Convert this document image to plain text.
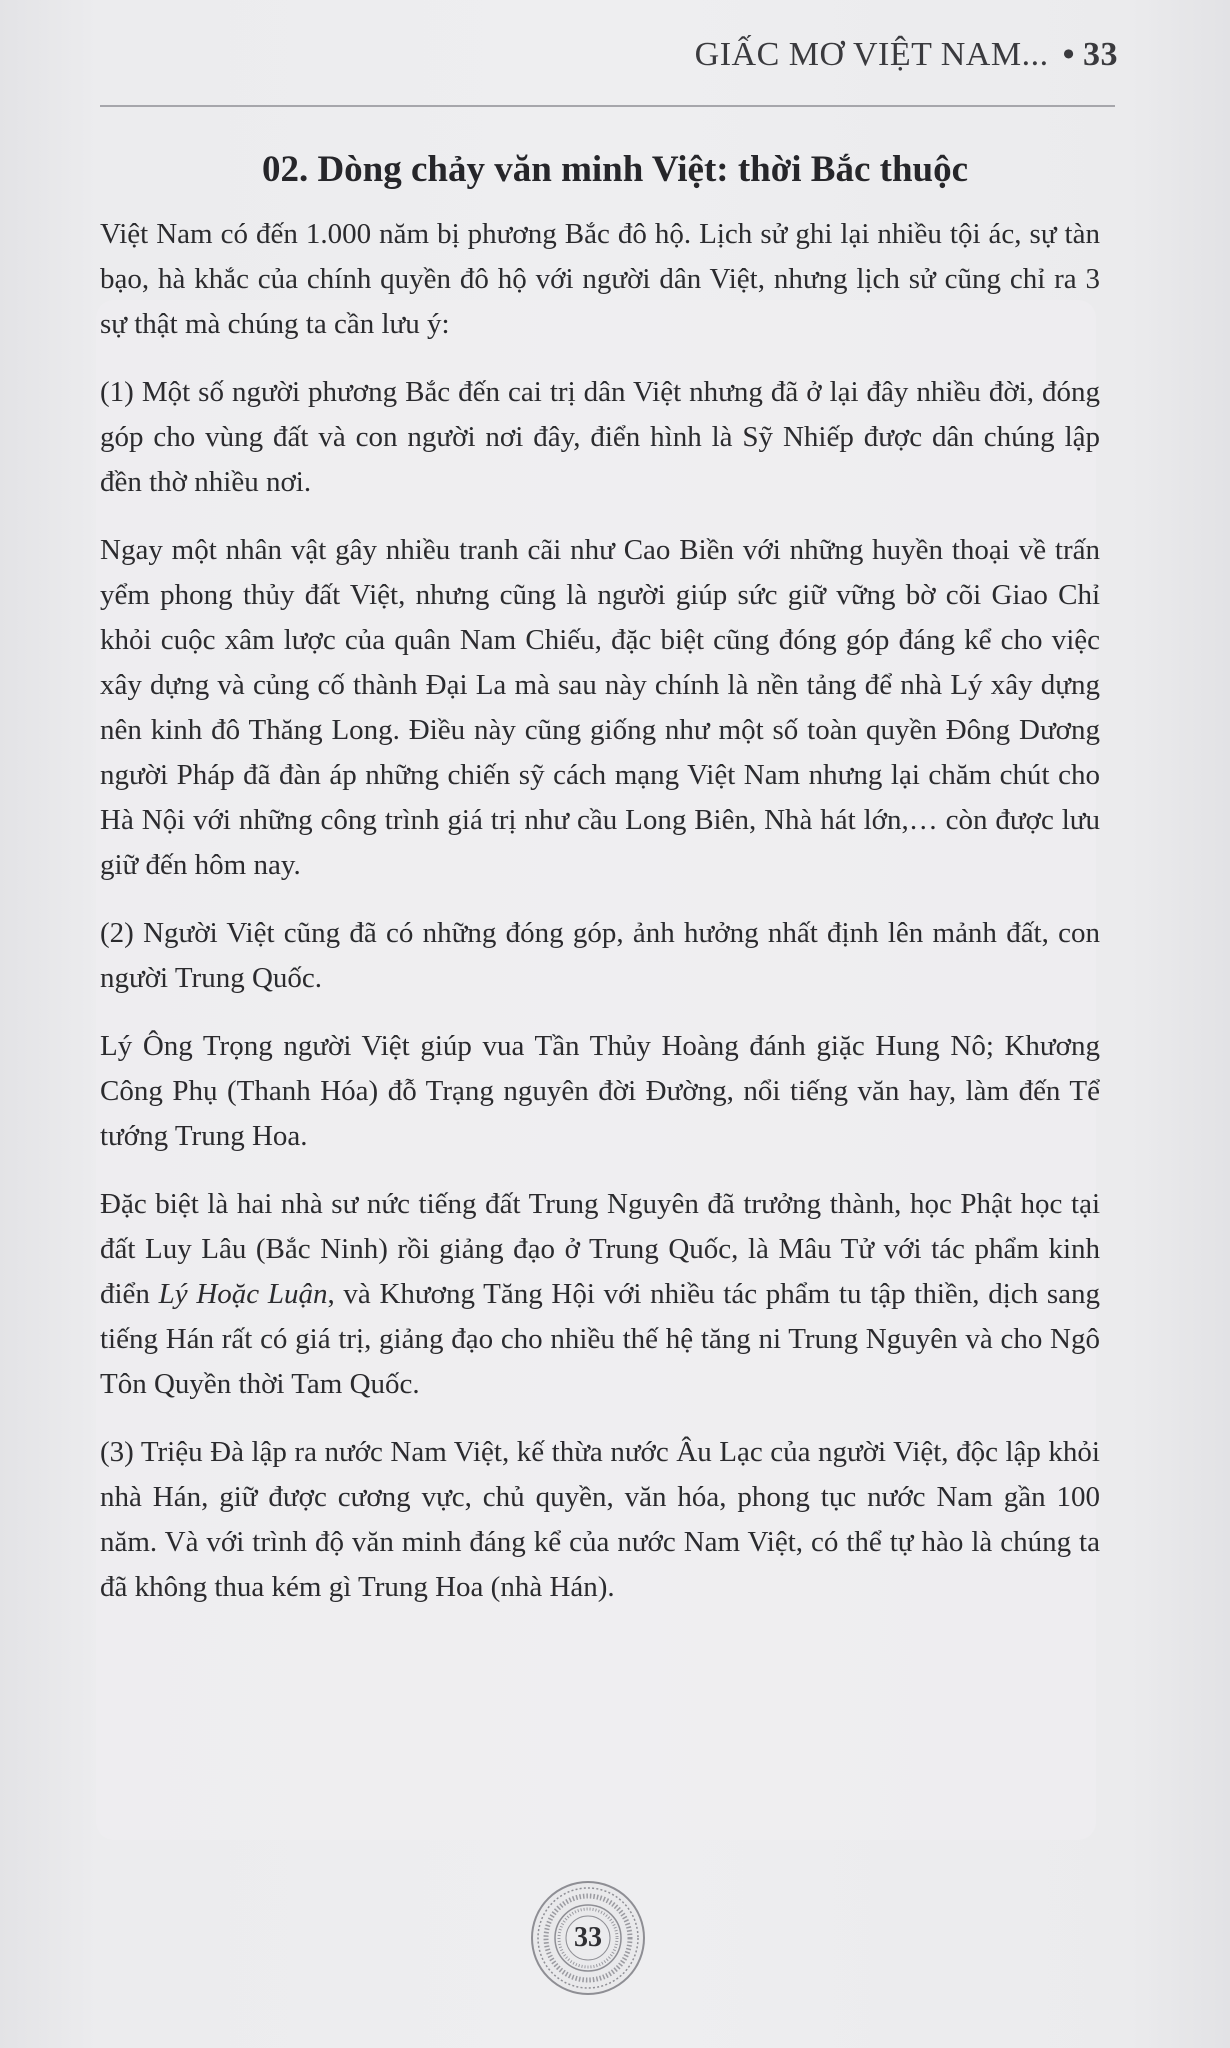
GIẤC MƠ VIỆT NAM... • 33
02. Dòng chảy văn minh Việt: thời Bắc thuộc

Việt Nam có đến 1.000 năm bị phương Bắc đô hộ. Lịch sử ghi lại nhiều tội ác, sự tàn bạo, hà khắc của chính quyền đô hộ với người dân Việt, nhưng lịch sử cũng chỉ ra 3 sự thật mà chúng ta cần lưu ý:

(1) Một số người phương Bắc đến cai trị dân Việt nhưng đã ở lại đây nhiều đời, đóng góp cho vùng đất và con người nơi đây, điển hình là Sỹ Nhiếp được dân chúng lập đền thờ nhiều nơi.

Ngay một nhân vật gây nhiều tranh cãi như Cao Biền với những huyền thoại về trấn yểm phong thủy đất Việt, nhưng cũng là người giúp sức giữ vững bờ cõi Giao Chỉ khỏi cuộc xâm lược của quân Nam Chiếu, đặc biệt cũng đóng góp đáng kể cho việc xây dựng và củng cố thành Đại La mà sau này chính là nền tảng để nhà Lý xây dựng nên kinh đô Thăng Long. Điều này cũng giống như một số toàn quyền Đông Dương người Pháp đã đàn áp những chiến sỹ cách mạng Việt Nam nhưng lại chăm chút cho Hà Nội với những công trình giá trị như cầu Long Biên, Nhà hát lớn,… còn được lưu giữ đến hôm nay.

(2) Người Việt cũng đã có những đóng góp, ảnh hưởng nhất định lên mảnh đất, con người Trung Quốc.

Lý Ông Trọng người Việt giúp vua Tần Thủy Hoàng đánh giặc Hung Nô; Khương Công Phụ (Thanh Hóa) đỗ Trạng nguyên đời Đường, nổi tiếng văn hay, làm đến Tể tướng Trung Hoa.

Đặc biệt là hai nhà sư nức tiếng đất Trung Nguyên đã trưởng thành, học Phật học tại đất Luy Lâu (Bắc Ninh) rồi giảng đạo ở Trung Quốc, là Mâu Tử với tác phẩm kinh điển Lý Hoặc Luận, và Khương Tăng Hội với nhiều tác phẩm tu tập thiền, dịch sang tiếng Hán rất có giá trị, giảng đạo cho nhiều thế hệ tăng ni Trung Nguyên và cho Ngô Tôn Quyền thời Tam Quốc.

(3) Triệu Đà lập ra nước Nam Việt, kế thừa nước Âu Lạc của người Việt, độc lập khỏi nhà Hán, giữ được cương vực, chủ quyền, văn hóa, phong tục nước Nam gần 100 năm. Và với trình độ văn minh đáng kể của nước Nam Việt, có thể tự hào là chúng ta đã không thua kém gì Trung Hoa (nhà Hán).

33
